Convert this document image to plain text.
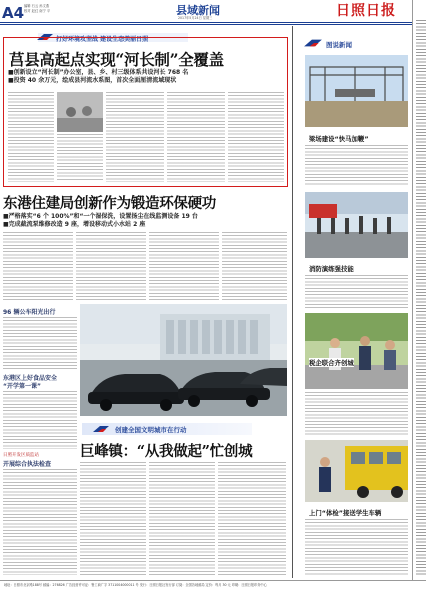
A4 编辑 石云 孙文燕
校对 赵红 南宁 平	县域新闻
2017年5月24日 星期三	日照日报
打好环境攻坚战 建设生态美丽日照
莒县高起点实现“河长制”全覆盖
■创新设立“河长制”办公室，县、乡、村三级体系共设河长 768 名
■投资 40 余万元，绘成县河流水系图，首次全面厘清流域现状
东港住建局创新作为锻造环保硬功
■严格落实“6 个 100%”和“一个湿保洗，设置扬尘在线监测设备 19 台
■完成截流泵维修改造 9 座，增设移动式小水站 2 座
96 辆公车阳光出行
东港区上好食品安全
“开学第一课”
日照开发区质监站
开展综合执法检查
创建全国文明城市在行动
巨峰镇：“从我做起”忙创城
图说新闻
梁场建设“快马加鞭”
消防演练强技能
税企联合齐创城
上门“体检”接送学生车辆
地址：日照市北京路188号 邮编：276826 广告经营许可证：鲁工商广字 3711004000011 号 发行：日照日报社发行部 订阅：全国各地邮局 定价：每月 30 元 印刷：日照日报印务中心
